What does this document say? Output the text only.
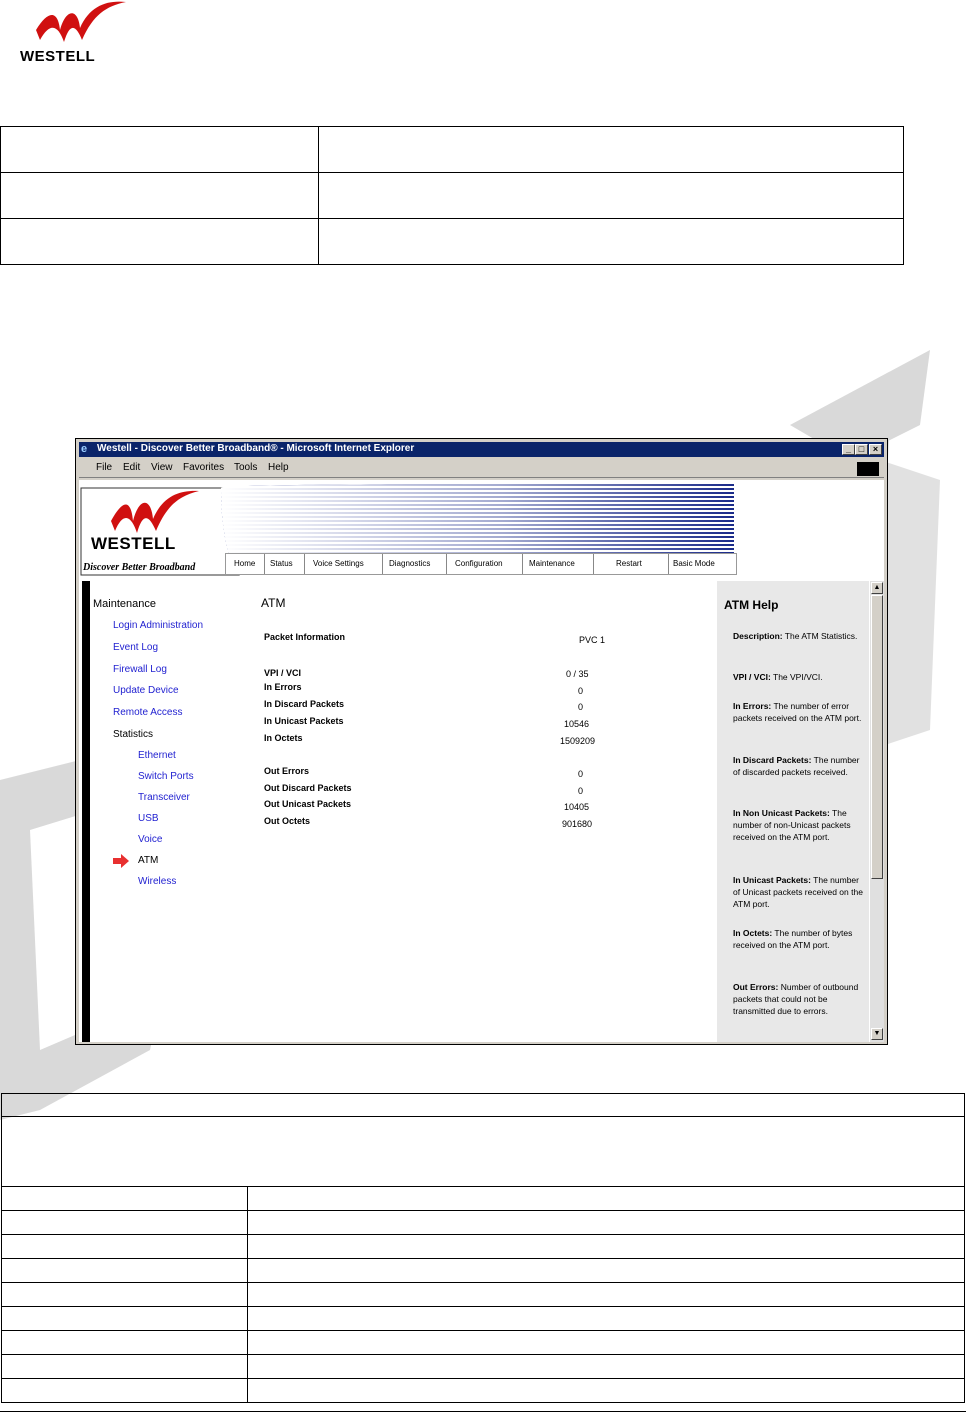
WESTELL

e Westell - Discover Better Broadband® - Microsoft Internet Explorer	_ □ ×
File Edit View Favorites Tools Help	⚑
WESTELL
Discover Better Broadband	Home Status	Voice Settings	Diagnostics	Configuration	Maintenance	Restart	Basic Mode
Maintenance
Login Administration
Event Log
Firewall Log
Update Device
Remote Access
Statistics
Ethernet
Switch Ports
Transceiver
USB
Voice
ATM
Wireless
ATM
Packet Information	PVC 1
VPI / VCI	0 / 35
In Errors	0
In Discard Packets	0
In Unicast Packets	10546
In Octets	1509209
Out Errors	0
Out Discard Packets	0
Out Unicast Packets	10405
Out Octets	901680
ATM Help
Description: The ATM Statistics.
VPI / VCI: The VPI/VCI.
In Errors: The number of error packets received on the ATM port.
In Discard Packets: The number of discarded packets received.
In Non Unicast Packets: The number of non-Unicast packets received on the ATM port.
In Unicast Packets: The number of Unicast packets received on the ATM port.
In Octets: The number of bytes received on the ATM port.
Out Errors: Number of outbound packets that could not be transmitted due to errors.
▲
▼
